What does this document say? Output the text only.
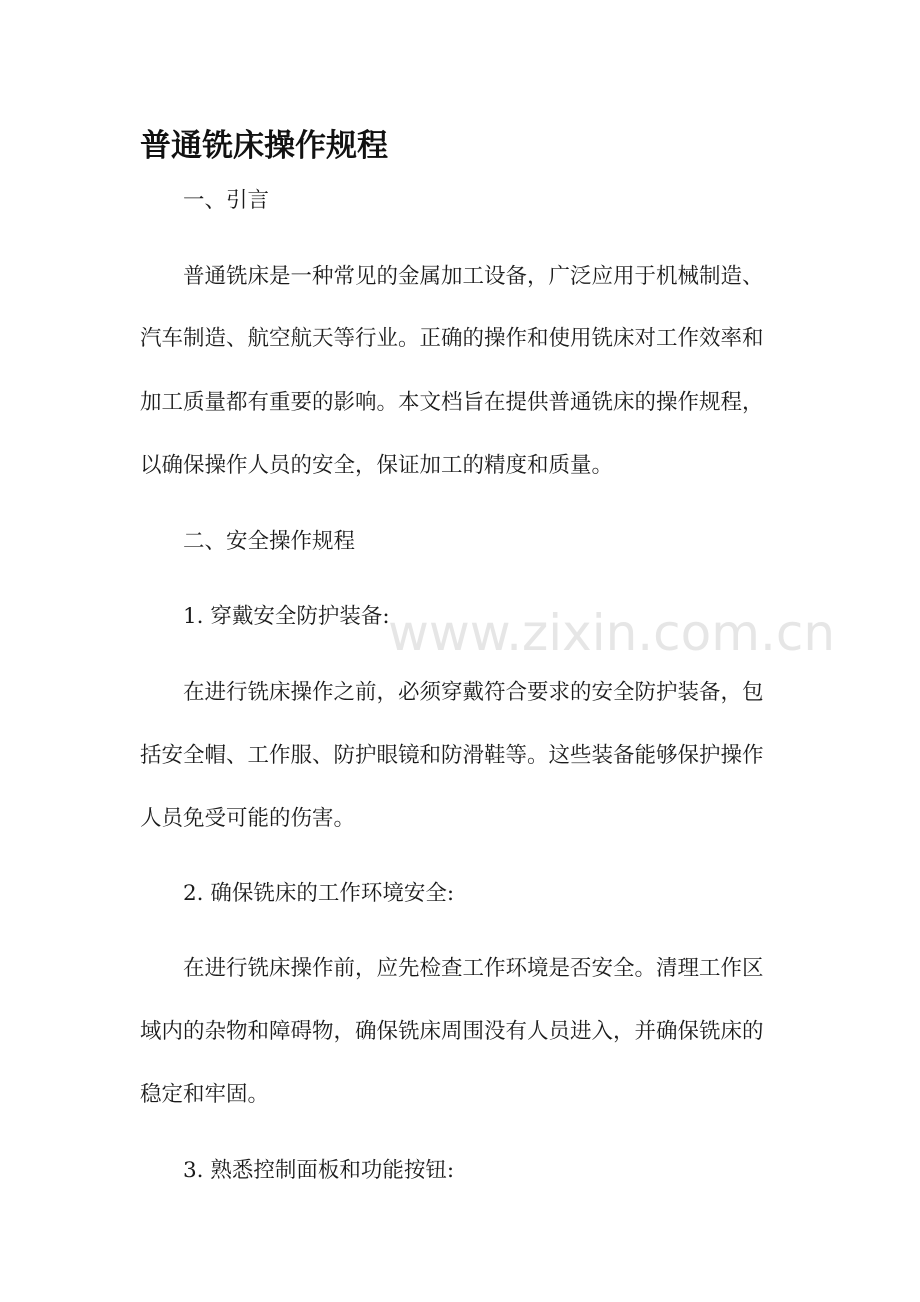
www.zixin.com.cn
普通铣床操作规程
一、引言
普通铣床是一种常见的金属加工设备，广泛应用于机械制造、
汽车制造、航空航天等行业。正确的操作和使用铣床对工作效率和
加工质量都有重要的影响。本文档旨在提供普通铣床的操作规程，
以确保操作人员的安全，保证加工的精度和质量。
二、安全操作规程
1. 穿戴安全防护装备:
在进行铣床操作之前，必须穿戴符合要求的安全防护装备，包
括安全帽、工作服、防护眼镜和防滑鞋等。这些装备能够保护操作
人员免受可能的伤害。
2. 确保铣床的工作环境安全:
在进行铣床操作前，应先检查工作环境是否安全。清理工作区
域内的杂物和障碍物，确保铣床周围没有人员进入，并确保铣床的
稳定和牢固。
3. 熟悉控制面板和功能按钮:
